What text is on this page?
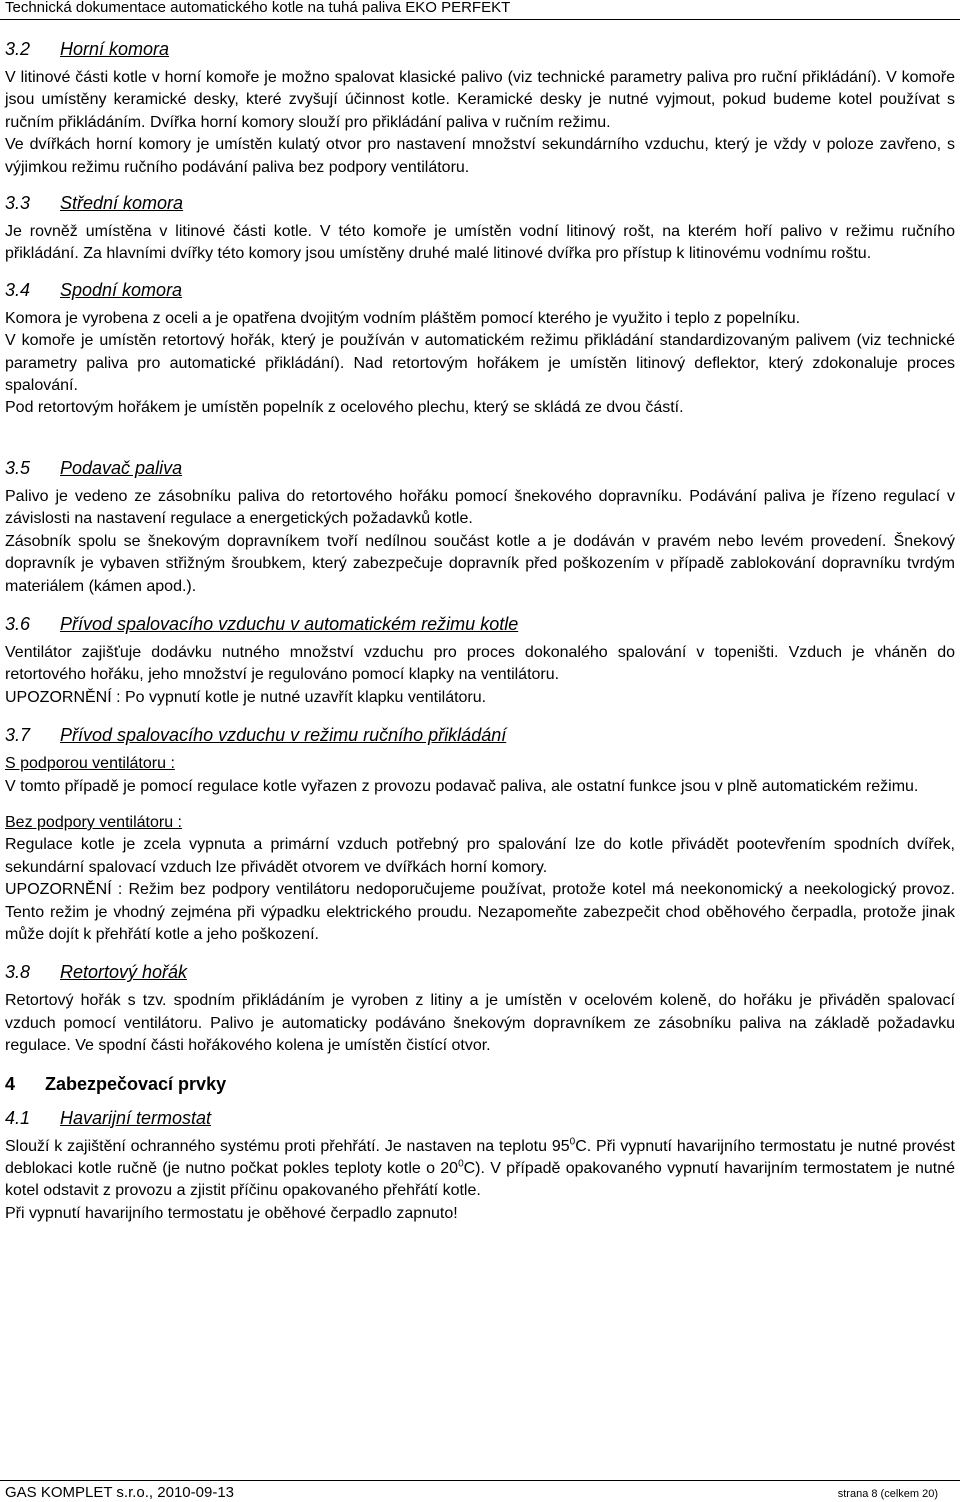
Technická dokumentace automatického kotle na tuhá paliva EKO PERFEKT
3.2 Horní komora

V litinové části kotle v horní komoře je možno spalovat klasické palivo (viz technické parametry paliva pro ruční přikládání). V komoře jsou umístěny keramické desky, které zvyšují účinnost kotle. Keramické desky je nutné vyjmout, pokud budeme kotel používat s ručním přikládáním. Dvířka horní komory slouží pro přikládání paliva v ručním režimu.

Ve dvířkách horní komory je umístěn kulatý otvor pro nastavení množství sekundárního vzduchu, který je vždy v poloze zavřeno, s výjimkou režimu ručního podávání paliva bez podpory ventilátoru.

3.3 Střední komora

Je rovněž umístěna v litinové části kotle. V této komoře je umístěn vodní litinový rošt, na kterém hoří palivo v režimu ručního přikládání. Za hlavními dvířky této komory jsou umístěny druhé malé litinové dvířka pro přístup k litinovému vodnímu roštu.

3.4 Spodní komora

Komora je vyrobena z oceli a je opatřena dvojitým vodním pláštěm pomocí kterého je využito i teplo z popelníku.

V komoře je umístěn retortový hořák, který je používán v automatickém režimu přikládání standardizovaným palivem (viz technické parametry paliva pro automatické přikládání). Nad retortovým hořákem je umístěn litinový deflektor, který zdokonaluje proces spalování.

Pod retortovým hořákem je umístěn popelník z ocelového plechu, který se skládá ze dvou částí.

3.5 Podavač paliva

Palivo je vedeno ze zásobníku paliva do retortového hořáku pomocí šnekového dopravníku. Podávání paliva je řízeno regulací v závislosti na nastavení regulace a energetických požadavků kotle.

Zásobník spolu se šnekovým dopravníkem tvoří nedílnou součást kotle a je dodáván v pravém nebo levém provedení. Šnekový dopravník je vybaven střižným šroubkem, který zabezpečuje dopravník před poškozením v případě zablokování dopravníku tvrdým materiálem (kámen apod.).

3.6 Přívod spalovacího vzduchu v automatickém režimu kotle

Ventilátor zajišťuje dodávku nutného množství vzduchu pro proces dokonalého spalování v topeništi. Vzduch je vháněn do retortového hořáku, jeho množství je regulováno pomocí klapky na ventilátoru.

UPOZORNĚNÍ : Po vypnutí kotle je nutné uzavřít klapku ventilátoru.

3.7 Přívod spalovacího vzduchu v režimu ručního přikládání

S podporou ventilátoru :

V tomto případě je pomocí regulace kotle vyřazen z provozu podavač paliva, ale ostatní funkce jsou v plně automatickém režimu.

Bez podpory ventilátoru :

Regulace kotle je zcela vypnuta a primární vzduch potřebný pro spalování lze do kotle přivádět pootevřením spodních dvířek, sekundární spalovací vzduch lze přivádět otvorem ve dvířkách horní komory.

UPOZORNĚNÍ : Režim bez podpory ventilátoru nedoporučujeme používat, protože kotel má neekonomický a neekologický provoz. Tento režim je vhodný zejména při výpadku elektrického proudu. Nezapomeňte zabezpečit chod oběhového čerpadla, protože jinak může dojít k přehřátí kotle a jeho poškození.

3.8 Retortový hořák

Retortový hořák s tzv. spodním přikládáním je vyroben z litiny a je umístěn v ocelovém koleně, do hořáku je přiváděn spalovací vzduch pomocí ventilátoru. Palivo je automaticky podáváno šnekovým dopravníkem ze zásobníku paliva na základě požadavku regulace. Ve spodní části hořákového kolena je umístěn čistící otvor.

4 Zabezpečovací prvky
4.1 Havarijní termostat

Slouží k zajištění ochranného systému proti přehřátí. Je nastaven na teplotu $95^0C$. Při vypnutí havarijního termostatu je nutné provést deblokaci kotle ručně (je nutno počkat pokles teploty kotle o $20^0C$). V případě opakovaného vypnutí havarijním termostatem je nutné kotel odstavit z provozu a zjistit příčinu opakovaného přehřátí kotle.

Při vypnutí havarijního termostatu je oběhové čerpadlo zapnuto!

GAS KOMPLET s.r.o., 2010-09-13	strana 8 (celkem 20)
